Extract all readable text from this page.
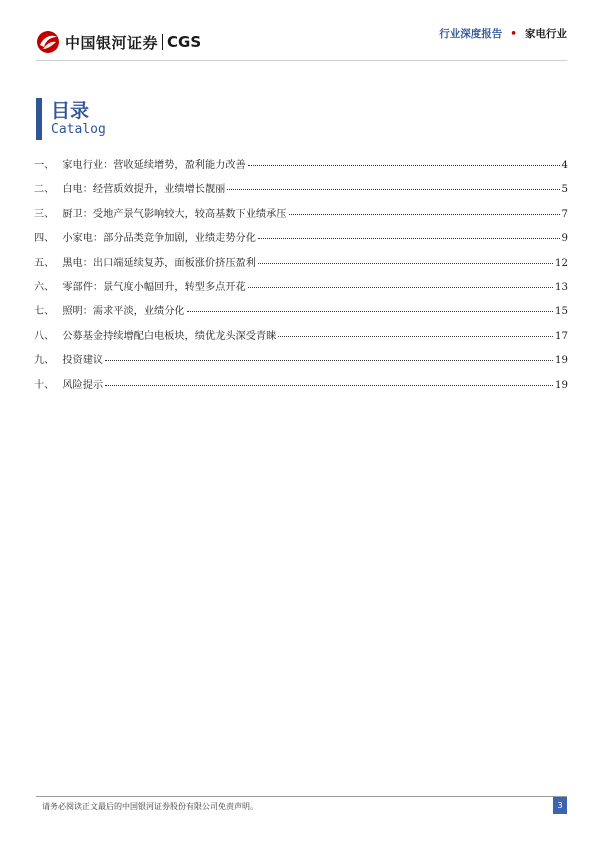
中国银河证券 CGS	行业深度报告 • 家电行业
目录
Catalog
一、 家电行业：营收延续增势，盈利能力改善	4
二、 白电：经营质效提升，业绩增长靓丽	5
三、 厨卫：受地产景气影响较大，较高基数下业绩承压	7
四、 小家电：部分品类竞争加剧，业绩走势分化	9
五、 黑电：出口端延续复苏，面板涨价挤压盈利	12
六、 零部件：景气度小幅回升，转型多点开花	13
七、 照明：需求平淡，业绩分化	15
八、 公募基金持续增配白电板块，绩优龙头深受青睐	17
九、 投资建议	19
十、 风险提示	19
请务必阅读正文最后的中国银河证券股份有限公司免责声明。	3
